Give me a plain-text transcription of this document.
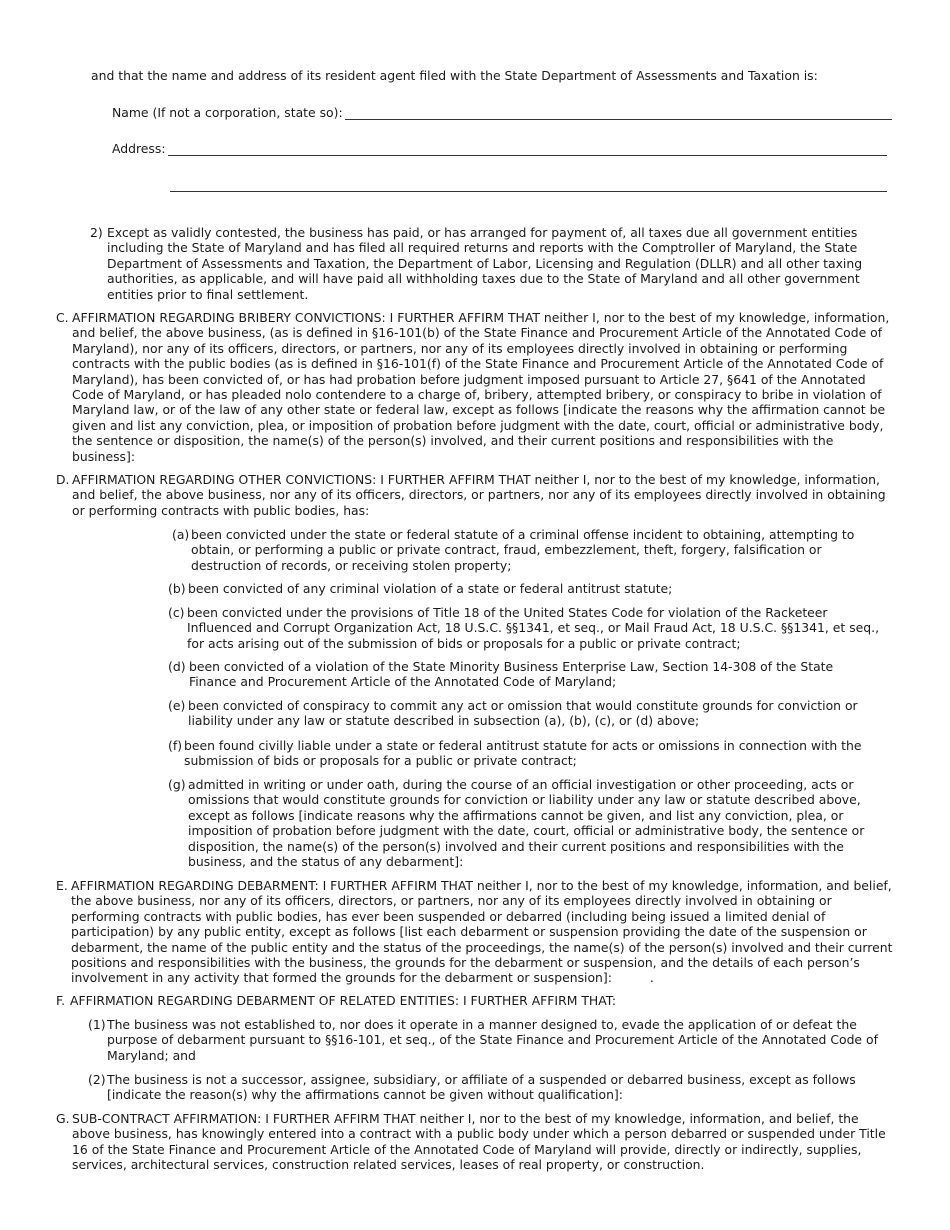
and that the name and address of its resident agent filed with the State Department of Assessments and Taxation is:

Name (If not a corporation, state so):
Address:
2) Except as validly contested, the business has paid, or has arranged for payment of, all taxes due all government entities including the State of Maryland and has filed all required returns and reports with the Comptroller of Maryland, the State Department of Assessments and Taxation, the Department of Labor, Licensing and Regulation (DLLR) and all other taxing authorities, as applicable, and will have paid all withholding taxes due to the State of Maryland and all other government entities prior to final settlement.
C. AFFIRMATION REGARDING BRIBERY CONVICTIONS: I FURTHER AFFIRM THAT neither I, nor to the best of my knowledge, information, and belief, the above business, (as is defined in §16-101(b) of the State Finance and Procurement Article of the Annotated Code of Maryland), nor any of its officers, directors, or partners, nor any of its employees directly involved in obtaining or performing contracts with the public bodies (as is defined in §16-101(f) of the State Finance and Procurement Article of the Annotated Code of Maryland), has been convicted of, or has had probation before judgment imposed pursuant to Article 27, §641 of the Annotated Code of Maryland, or has pleaded nolo contendere to a charge of, bribery, attempted bribery, or conspiracy to bribe in violation of Maryland law, or of the law of any other state or federal law, except as follows [indicate the reasons why the affirmation cannot be given and list any conviction, plea, or imposition of probation before judgment with the date, court, official or administrative body, the sentence or disposition, the name(s) of the person(s) involved, and their current positions and responsibilities with the business]:
D. AFFIRMATION REGARDING OTHER CONVICTIONS: I FURTHER AFFIRM THAT neither I, nor to the best of my knowledge, information, and belief, the above business, nor any of its officers, directors, or partners, nor any of its employees directly involved in obtaining or performing contracts with public bodies, has:
(a) been convicted under the state or federal statute of a criminal offense incident to obtaining, attempting to obtain, or performing a public or private contract, fraud, embezzlement, theft, forgery, falsification or destruction of records, or receiving stolen property;
(b) been convicted of any criminal violation of a state or federal antitrust statute;
(c) been convicted under the provisions of Title 18 of the United States Code for violation of the Racketeer Influenced and Corrupt Organization Act, 18 U.S.C. §§1341, et seq., or Mail Fraud Act, 18 U.S.C. §§1341, et seq., for acts arising out of the submission of bids or proposals for a public or private contract;
(d) been convicted of a violation of the State Minority Business Enterprise Law, Section 14-308 of the State Finance and Procurement Article of the Annotated Code of Maryland;
(e) been convicted of conspiracy to commit any act or omission that would constitute grounds for conviction or liability under any law or statute described in subsection (a), (b), (c), or (d) above;
(f) been found civilly liable under a state or federal antitrust statute for acts or omissions in connection with the submission of bids or proposals for a public or private contract;
(g) admitted in writing or under oath, during the course of an official investigation or other proceeding, acts or omissions that would constitute grounds for conviction or liability under any law or statute described above, except as follows [indicate reasons why the affirmations cannot be given, and list any conviction, plea, or imposition of probation before judgment with the date, court, official or administrative body, the sentence or disposition, the name(s) of the person(s) involved and their current positions and responsibilities with the business, and the status of any debarment]:
E. AFFIRMATION REGARDING DEBARMENT: I FURTHER AFFIRM THAT neither I, nor to the best of my knowledge, information, and belief, the above business, nor any of its officers, directors, or partners, nor any of its employees directly involved in obtaining or performing contracts with public bodies, has ever been suspended or debarred (including being issued a limited denial of participation) by any public entity, except as follows [list each debarment or suspension providing the date of the suspension or debarment, the name of the public entity and the status of the proceedings, the name(s) of the person(s) involved and their current positions and responsibilities with the business, the grounds for the debarment or suspension, and the details of each person’s involvement in any activity that formed the grounds for the debarment or suspension]:	.
F. AFFIRMATION REGARDING DEBARMENT OF RELATED ENTITIES: I FURTHER AFFIRM THAT:
(1) The business was not established to, nor does it operate in a manner designed to, evade the application of or defeat the purpose of debarment pursuant to §§16-101, et seq., of the State Finance and Procurement Article of the Annotated Code of Maryland; and
(2) The business is not a successor, assignee, subsidiary, or affiliate of a suspended or debarred business, except as follows [indicate the reason(s) why the affirmations cannot be given without qualification]:
G. SUB-CONTRACT AFFIRMATION: I FURTHER AFFIRM THAT neither I, nor to the best of my knowledge, information, and belief, the above business, has knowingly entered into a contract with a public body under which a person debarred or suspended under Title 16 of the State Finance and Procurement Article of the Annotated Code of Maryland will provide, directly or indirectly, supplies, services, architectural services, construction related services, leases of real property, or construction.
